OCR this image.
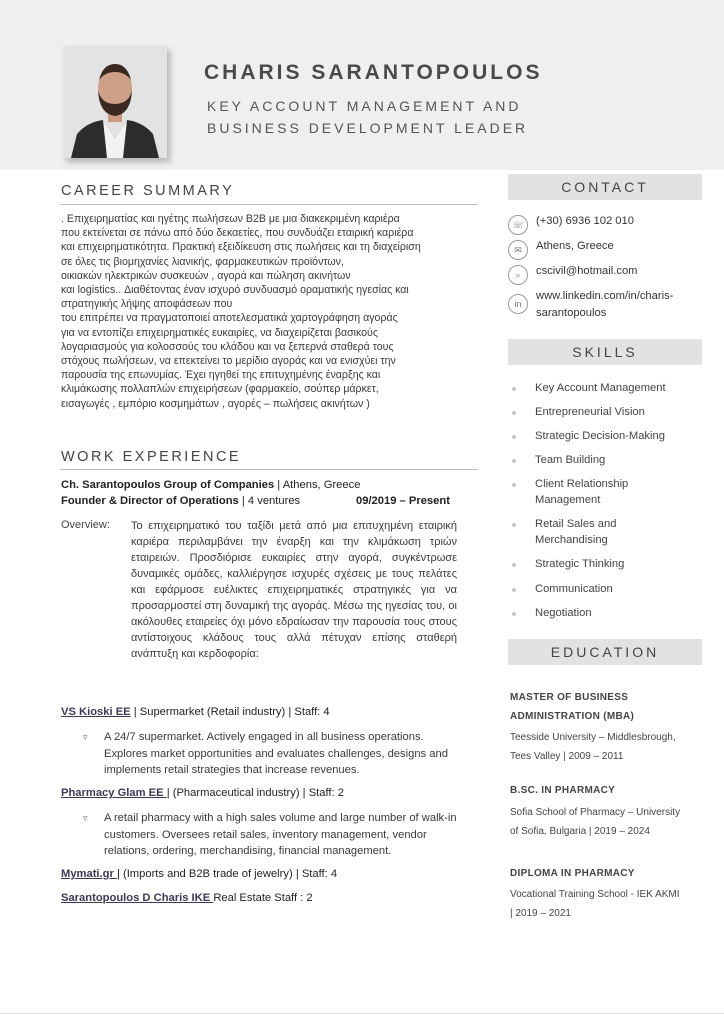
CHARIS SARANTOPOULOS
KEY ACCOUNT MANAGEMENT AND
BUSINESS DEVELOPMENT LEADER
CAREER SUMMARY
. Επιχειρηματίας και ηγέτης πωλήσεων B2B με μια διακεκριμένη καριέρα
που εκτείνεται σε πάνω από δύο δεκαετίες, που συνδυάζει εταιρική καριέρα
και επιχειρηματικότητα. Πρακτική εξειδίκευση στις πωλήσεις και τη διαχείριση
σε όλες τις βιομηχανίες λιανικής, φαρμακευτικών προϊόντων,
οικιακών ηλεκτρικών συσκευών , αγορά και πώληση ακινήτων
και logistics.. Διαθέτοντας έναν ισχυρό συνδυασμό οραματικής ηγεσίας και
στρατηγικής λήψης αποφάσεων που
του επιτρέπει να πραγματοποιεί αποτελεσματικά χαρτογράφηση αγοράς
για να εντοπίζει επιχειρηματικές ευκαιρίες, να διαχειρίζεται βασικούς
λογαριασμούς για κολοσσούς του κλάδου και να ξεπερνά σταθερά τους
στόχους πωλήσεων, να επεκτείνει το μερίδιο αγοράς και να ενισχύει την
παρουσία της επωνυμίας. Έχει ηγηθεί της επιτυχημένης έναρξης και
κλιμάκωσης πολλαπλών επιχειρήσεων (φαρμακείο, σούπερ μάρκετ,
εισαγωγές , εμπόριο κοσμημάτων , αγορές – πωλήσεις ακινήτων )
WORK EXPERIENCE
Ch. Sarantopoulos Group of Companies | Athens, Greece
Founder & Director of Operations | 4 ventures	09/2019 – Present
Overview: Το επιχειρηματικό του ταξίδι μετά από μια επιτυχημένη εταιρική καριέρα περιλαμβάνει την έναρξη και την κλιμάκωση τριών εταιρειών. Προσδιόρισε ευκαιρίες στην αγορά, συγκέντρωσε δυναμικές ομάδες, καλλιέργησε ισχυρές σχέσεις με τους πελάτες και εφάρμοσε ευέλικτες επιχειρηματικές στρατηγικές για να προσαρμοστεί στη δυναμική της αγοράς. Μέσω της ηγεσίας του, οι ακόλουθες εταιρείες όχι μόνο εδραίωσαν την παρουσία τους στους αντίστοιχους κλάδους τους αλλά πέτυχαν επίσης σταθερή ανάπτυξη και κερδοφορία:
VS Kioski EE | Supermarket (Retail industry) | Staff: 4
▿ A 24/7 supermarket. Actively engaged in all business operations. Explores market opportunities and evaluates challenges, designs and implements retail strategies that increase revenues.
Pharmacy Glam EE | (Pharmaceutical industry) | Staff: 2
▿ A retail pharmacy with a high sales volume and large number of walk-in customers. Oversees retail sales, inventory management, vendor relations, ordering, merchandising, financial management.
Mymati.gr | (Imports and B2B trade of jewelry) | Staff: 4
Sarantopoulos D Charis IKE Real Estate Staff : 2
CONTACT
☏	(+30) 6936 102 010
✉	Athens, Greece
⌕	cscivil@hotmail.com
in
www.linkedin.com/in/charis-
sarantopoulos
SKILLS
Key Account Management
Entrepreneurial Vision
Strategic Decision-Making
Team Building
Client Relationship Management
Retail Sales and Merchandising
Strategic Thinking
Communication
Negotiation
EDUCATION
MASTER OF BUSINESS
ADMINISTRATION (MBA)
Teesside University – Middlesbrough,
Tees Valley | 2009 – 2011
B.SC. IN PHARMACY
Sofia School of Pharmacy – University
of Sofia, Bulgaria | 2019 – 2024
DIPLOMA IN PHARMACY
Vocational Training School - IEK AKMI
| 2019 – 2021
